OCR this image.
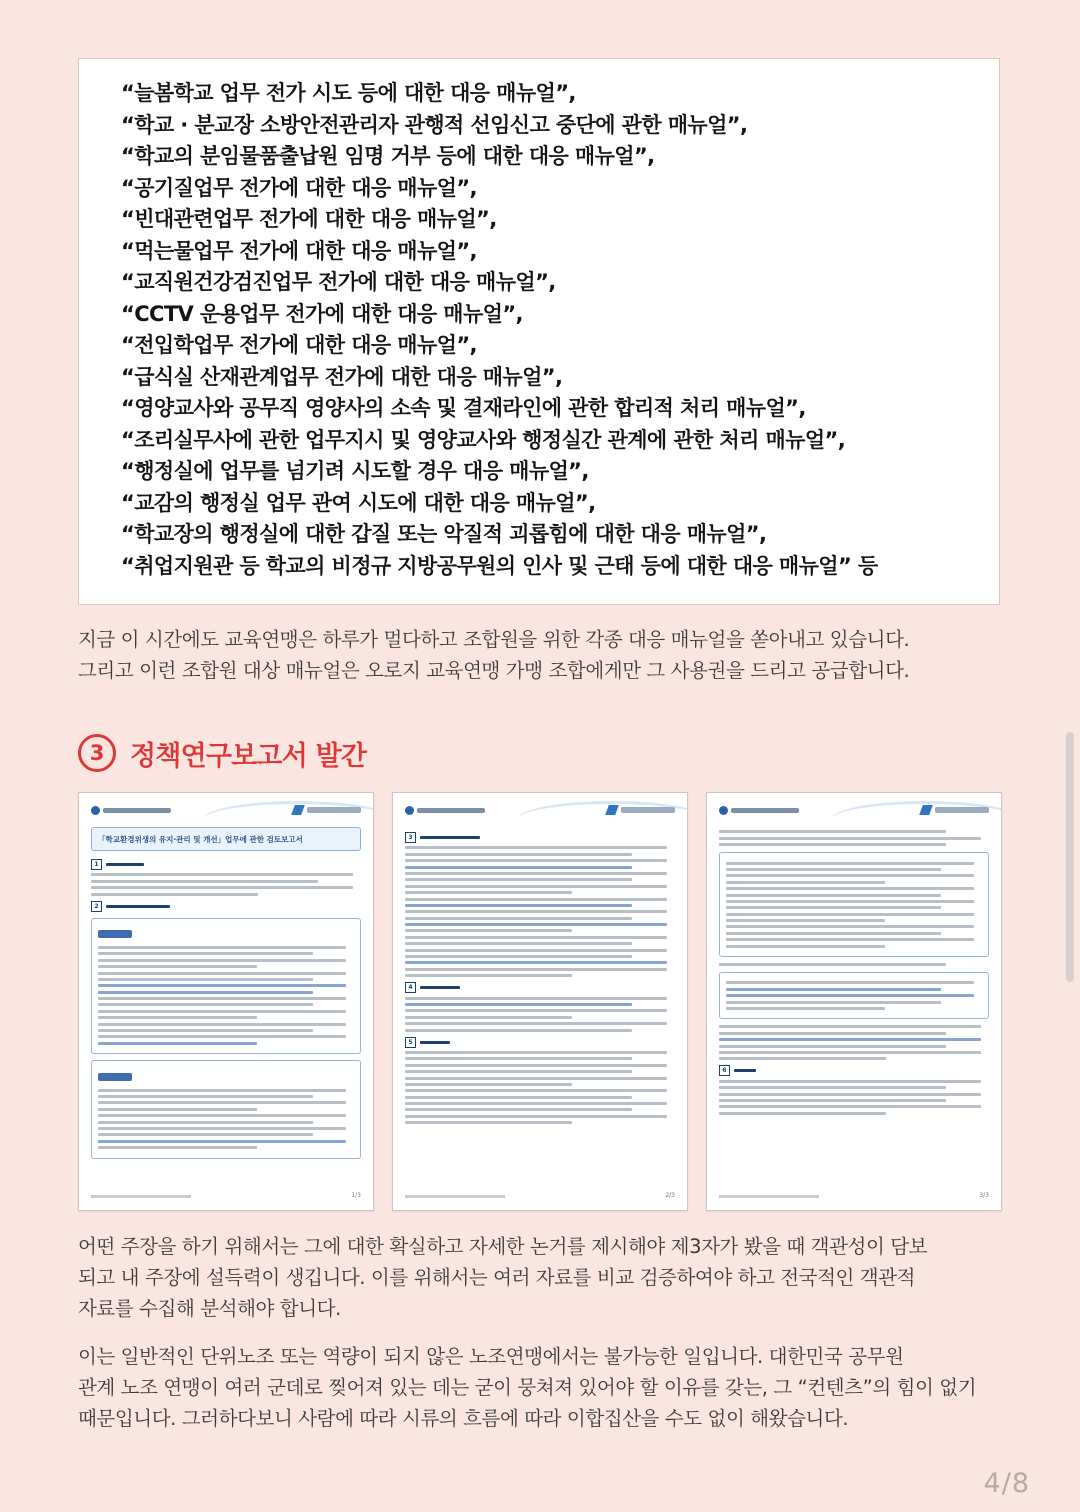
“늘봄학교 업무 전가 시도 등에 대한 대응 매뉴얼”,
“학교 · 분교장 소방안전관리자 관행적 선임신고 중단에 관한 매뉴얼”,
“학교의 분임물품출납원 임명 거부 등에 대한 대응 매뉴얼”,
“공기질업무 전가에 대한 대응 매뉴얼”,
“빈대관련업무 전가에 대한 대응 매뉴얼”,
“먹는물업무 전가에 대한 대응 매뉴얼”,
“교직원건강검진업무 전가에 대한 대응 매뉴얼”,
“CCTV 운용업무 전가에 대한 대응 매뉴얼”,
“전입학업무 전가에 대한 대응 매뉴얼”,
“급식실 산재관계업무 전가에 대한 대응 매뉴얼”,
“영양교사와 공무직 영양사의 소속 및 결재라인에 관한 합리적 처리 매뉴얼”,
“조리실무사에 관한 업무지시 및 영양교사와 행정실간 관계에 관한 처리 매뉴얼”,
“행정실에 업무를 넘기려 시도할 경우 대응 매뉴얼”,
“교감의 행정실 업무 관여 시도에 대한 대응 매뉴얼”,
“학교장의 행정실에 대한 갑질 또는 악질적 괴롭힘에 대한 대응 매뉴얼”,
“취업지원관 등 학교의 비정규 지방공무원의 인사 및 근태 등에 대한 대응 매뉴얼” 등

지금 이 시간에도 교육연맹은 하루가 멀다하고 조합원을 위한 각종 대응 매뉴얼을 쏟아내고 있습니다.

그리고 이런 조합원 대상 매뉴얼은 오로지 교육연맹 가맹 조합에게만 그 사용권을 드리고 공급합니다.

3 정책연구보고서 발간
「학교환경위생의 유지·관리 및 개선」업무에 관한 검토보고서
1
2
1/3
3
4
5
2/3
6
3/3

어떤 주장을 하기 위해서는 그에 대한 확실하고 자세한 논거를 제시해야 제3자가 봤을 때 객관성이 담보

되고 내 주장에 설득력이 생깁니다. 이를 위해서는 여러 자료를 비교 검증하여야 하고 전국적인 객관적

자료를 수집해 분석해야 합니다.

이는 일반적인 단위노조 또는 역량이 되지 않은 노조연맹에서는 불가능한 일입니다. 대한민국 공무원

관계 노조 연맹이 여러 군데로 찢어져 있는 데는 굳이 뭉쳐져 있어야 할 이유를 갖는, 그 “컨텐츠”의 힘이 없기

때문입니다. 그러하다보니 사람에 따라 시류의 흐름에 따라 이합집산을 수도 없이 해왔습니다.

4/8
